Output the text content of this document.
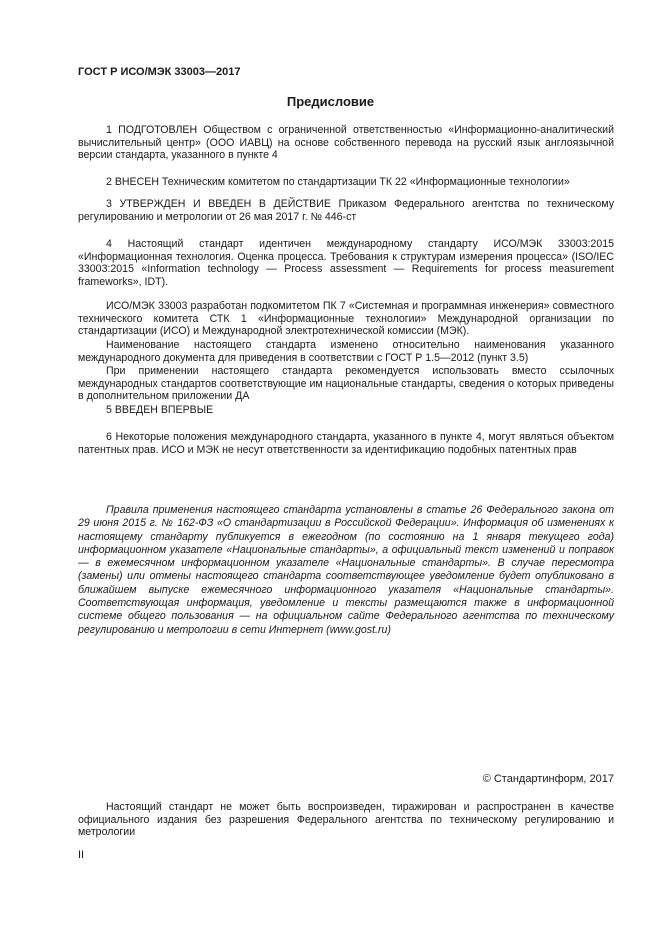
ГОСТ Р ИСО/МЭК 33003—2017
Предисловие

1 ПОДГОТОВЛЕН Обществом с ограниченной ответственностью «Информационно-аналитический вычислительный центр» (ООО ИАВЦ) на основе собственного перевода на русский язык англоязычной версии стандарта, указанного в пункте 4

2 ВНЕСЕН Техническим комитетом по стандартизации ТК 22 «Информационные технологии»

3 УТВЕРЖДЕН И ВВЕДЕН В ДЕЙСТВИЕ Приказом Федерального агентства по техническому регулированию и метрологии от 26 мая 2017 г. № 446-ст

4 Настоящий стандарт идентичен международному стандарту ИСО/МЭК 33003:2015 «Информационная технология. Оценка процесса. Требования к структурам измерения процесса» (ISO/IEC 33003:2015 «Information technology — Process assessment — Requirements for process measurement frameworks», IDT).

ИСО/МЭК 33003 разработан подкомитетом ПК 7 «Системная и программная инженерия» совместного технического комитета СТК 1 «Информационные технологии» Международной организации по стандартизации (ИСО) и Международной электротехнической комиссии (МЭК).

Наименование настоящего стандарта изменено относительно наименования указанного международного документа для приведения в соответствии с ГОСТ Р 1.5—2012 (пункт 3.5)

При применении настоящего стандарта рекомендуется использовать вместо ссылочных международных стандартов соответствующие им национальные стандарты, сведения о которых приведены в дополнительном приложении ДА

5 ВВЕДЕН ВПЕРВЫЕ

6 Некоторые положения международного стандарта, указанного в пункте 4, могут являться объектом патентных прав. ИСО и МЭК не несут ответственности за идентификацию подобных патентных прав

Правила применения настоящего стандарта установлены в статье 26 Федерального закона от 29 июня 2015 г. № 162-ФЗ «О стандартизации в Российской Федерации». Информация об изменениях к настоящему стандарту публикуется в ежегодном (по состоянию на 1 января текущего года) информационном указателе «Национальные стандарты», а официальный текст изменений и поправок — в ежемесячном информационном указателе «Национальные стандарты». В случае пересмотра (замены) или отмены настоящего стандарта соответствующее уведомление будет опубликовано в ближайшем выпуске ежемесячного информационного указателя «Национальные стандарты». Соответствующая информация, уведомление и тексты размещаются также в информационной системе общего пользования — на официальном сайте Федерального агентства по техническому регулированию и метрологии в сети Интернет (www.gost.ru)

© Стандартинформ, 2017

Настоящий стандарт не может быть воспроизведен, тиражирован и распространен в качестве официального издания без разрешения Федерального агентства по техническому регулированию и метрологии

II
